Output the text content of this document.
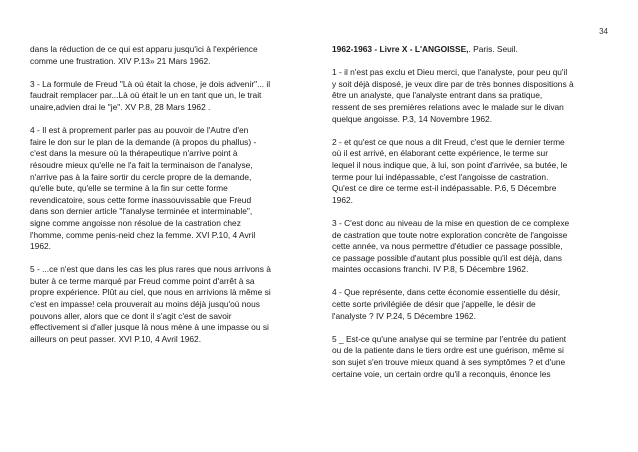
34
dans la réduction de ce qui est apparu jusqu'ici à l'expérience
comme une frustration. XIV P.13» 21 Mars 1962.
3 - La formule de Freud "Là où était la chose, je dois advenir"... il
faudrait remplacer par...Là où était le un en tant que un, le trait
unaire,advien drai le "je". XV P.8, 28 Mars 1962 .
4 - Il est à proprement parler pas au pouvoir de l'Autre d'en
faire le don sur le plan de la demande (à propos du phallus) -
c'est dans la mesure où la thérapeutique n'arrive point à
résoudre mieux qu'elle ne l'a fait la terminaison de l'analyse,
n'arrive pas à la faire sortir du cercle propre de la demande,
qu'elle bute, qu'elle se termine à la fin sur cette forme
revendicatoire, sous cette forme inassouvissable que Freud
dans son dernier article "l'analyse terminée et interminable",
signe comme angoisse non résolue de la castration chez
l'homme, comme penis-neid chez la femme. XVI P.10, 4 Avril
1962.
5 - ...ce n'est que dans les cas les plus rares que nous arrivons à
buter à ce terme marqué par Freud comme point d'arrêt à sa
propre expérience. Plût au ciel, que nous en arrivions là même si
c'est en impasse! cela prouverait au moins déjà jusqu'où nous
pouvons aller, alors que ce dont il s'agit c'est de savoir
effectivement si d'aller jusque là nous mène à une impasse ou si
ailleurs on peut passer. XVI P.10, 4 Avril 1962.
1962-1963 - Livre X - L'ANGOISSE,. Paris. Seuil.
1 - il n'est pas exclu et Dieu merci, que l'analyste, pour peu qu'il
y soit déjà disposé, je veux dire par de très bonnes dispositions à
être un analyste, que l'analyste entrant dans sa pratique,
ressent de ses premières relations avec le malade sur le divan
quelque angoisse. P.3, 14 Novembre 1962.
2 - et qu'est ce que nous a dit Freud, c'est que le dernier terme
où il est arrivé, en élaborant cette expérience, le terme sur
lequel il nous indique que, à lui, son point d'arrivée, sa butée, le
terme pour lui indépassable, c'est l'angoisse de castration.
Qu'est ce dire ce terme est-il indépassable. P.6, 5 Décembre
1962.
3 - C'est donc au niveau de la mise en question de ce complexe
de castration que toute notre exploration concrète de l'angoisse
cette année, va nous permettre d'étudier ce passage possible,
ce passage possible d'autant plus possible qu'il est déjà, dans
maintes occasions franchi. IV P.8, 5 Décembre 1962.
4 - Que représente, dans cette économie essentielle du désir,
cette sorte privilégiée de désir que j'appelle, le désir de
l'analyste ? IV P.24, 5 Décembre 1962.
5 _ Est-ce qu'une analyse qui se termine par l'entrée du patient
ou de la patiente dans le tiers ordre est une guérison, même si
son sujet s'en trouve mieux quand à ses symptômes ? et d'une
certaine voie, un certain ordre qu'il a reconquis, énonce les
